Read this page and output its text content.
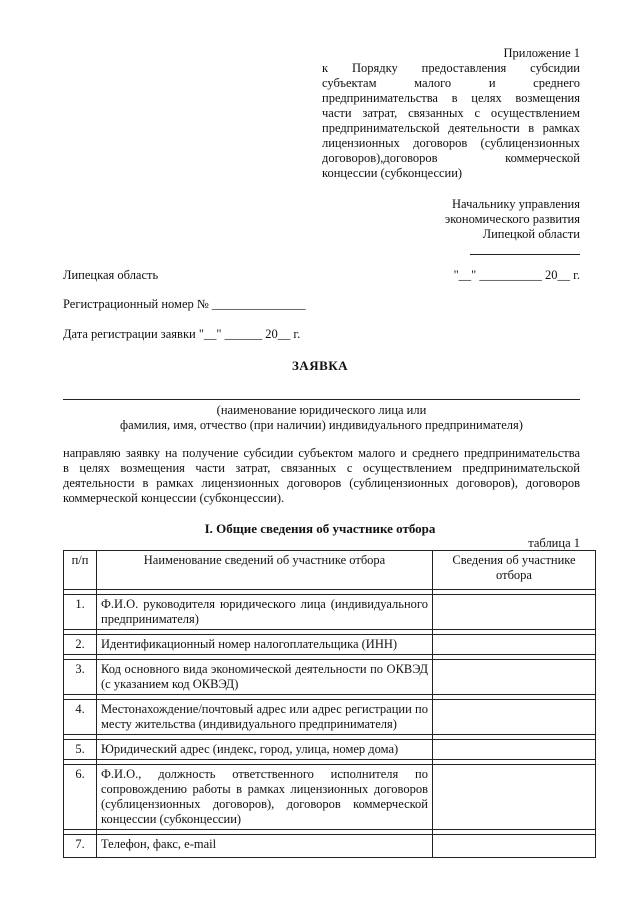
Приложение 1
к Порядку предоставления субсидии
субъектам малого и среднего
предпринимательства в целях возмещения
части затрат, связанных с осуществлением
предпринимательской деятельности в рамках
лицензионных договоров (сублицензионных
договоров),договоров коммерческой
концессии (субконцессии)
Начальнику управления
экономического развития
Липецкой области
Липецкая область	"__" __________ 20__ г.
Регистрационный номер № _______________
Дата регистрации заявки "__" ______ 20__ г.
ЗАЯВКА
(наименование юридического лица или
фамилия, имя, отчество (при наличии) индивидуального предпринимателя)
направляю заявку на получение субсидии субъектом малого и среднего предпринимательства
в целях возмещения части затрат, связанных с осуществлением предпринимательской
деятельности в рамках лицензионных договоров (сублицензионных договоров), договоров
коммерческой концессии (субконцессии).
I. Общие сведения об участнике отбора
таблица 1
п/п	Наименование сведений об участнике отбора	Сведения об участнике отбора

1.	Ф.И.О. руководителя юридического лица (индивидуального предпринимателя)	

2.	Идентификационный номер налогоплательщика (ИНН)	

3.	Код основного вида экономической деятельности по ОКВЭД (с указанием код ОКВЭД)	

4.	Местонахождение/почтовый адрес или адрес регистрации по месту жительства (индивидуального предпринимателя)	

5.	Юридический адрес (индекс, город, улица, номер дома)	

6.	Ф.И.О., должность ответственного исполнителя по сопровождению работы в рамках лицензионных договоров (сублицензионных договоров), договоров коммерческой концессии (субконцессии)	

7.	Телефон, факс, e-mail	
